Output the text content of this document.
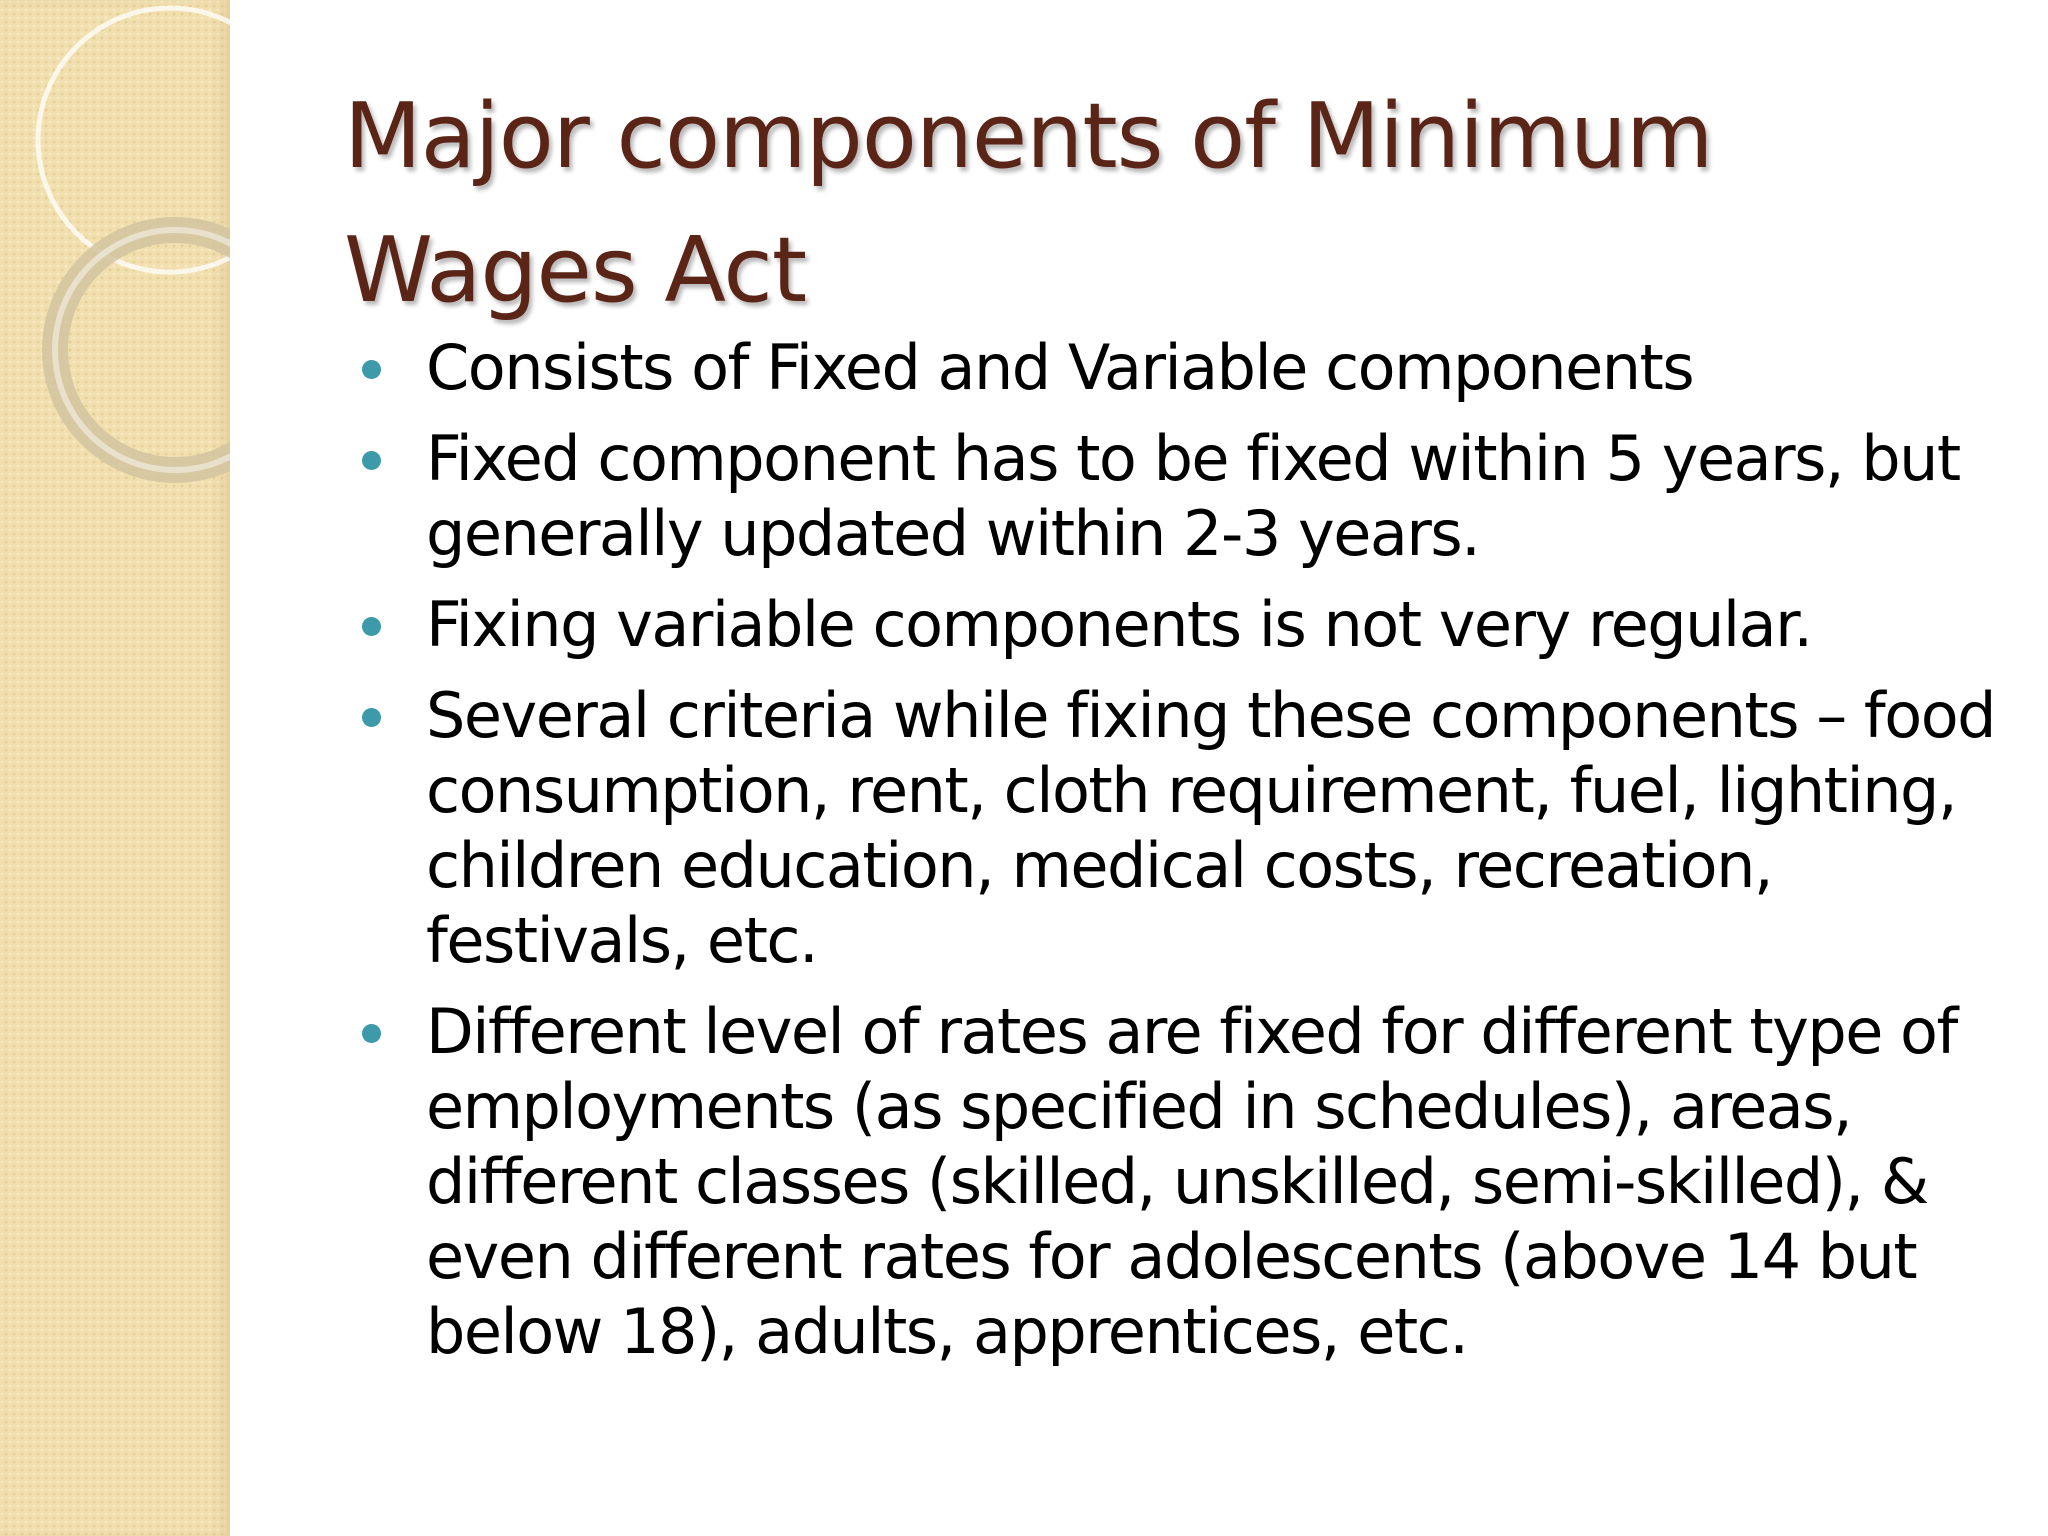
Major components of Minimum Wages Act
Consists of Fixed and Variable components
Fixed component has to be fixed within 5 years, but generally updated within 2-3 years.
Fixing variable components is not very regular.
Several criteria while fixing these components – food consumption, rent, cloth requirement, fuel, lighting, children education, medical costs, recreation, festivals, etc.
Different level of rates are fixed for different type of employments (as specified in schedules), areas, different classes (skilled, unskilled, semi-skilled), & even different rates for adolescents (above 14 but below 18), adults, apprentices, etc.
